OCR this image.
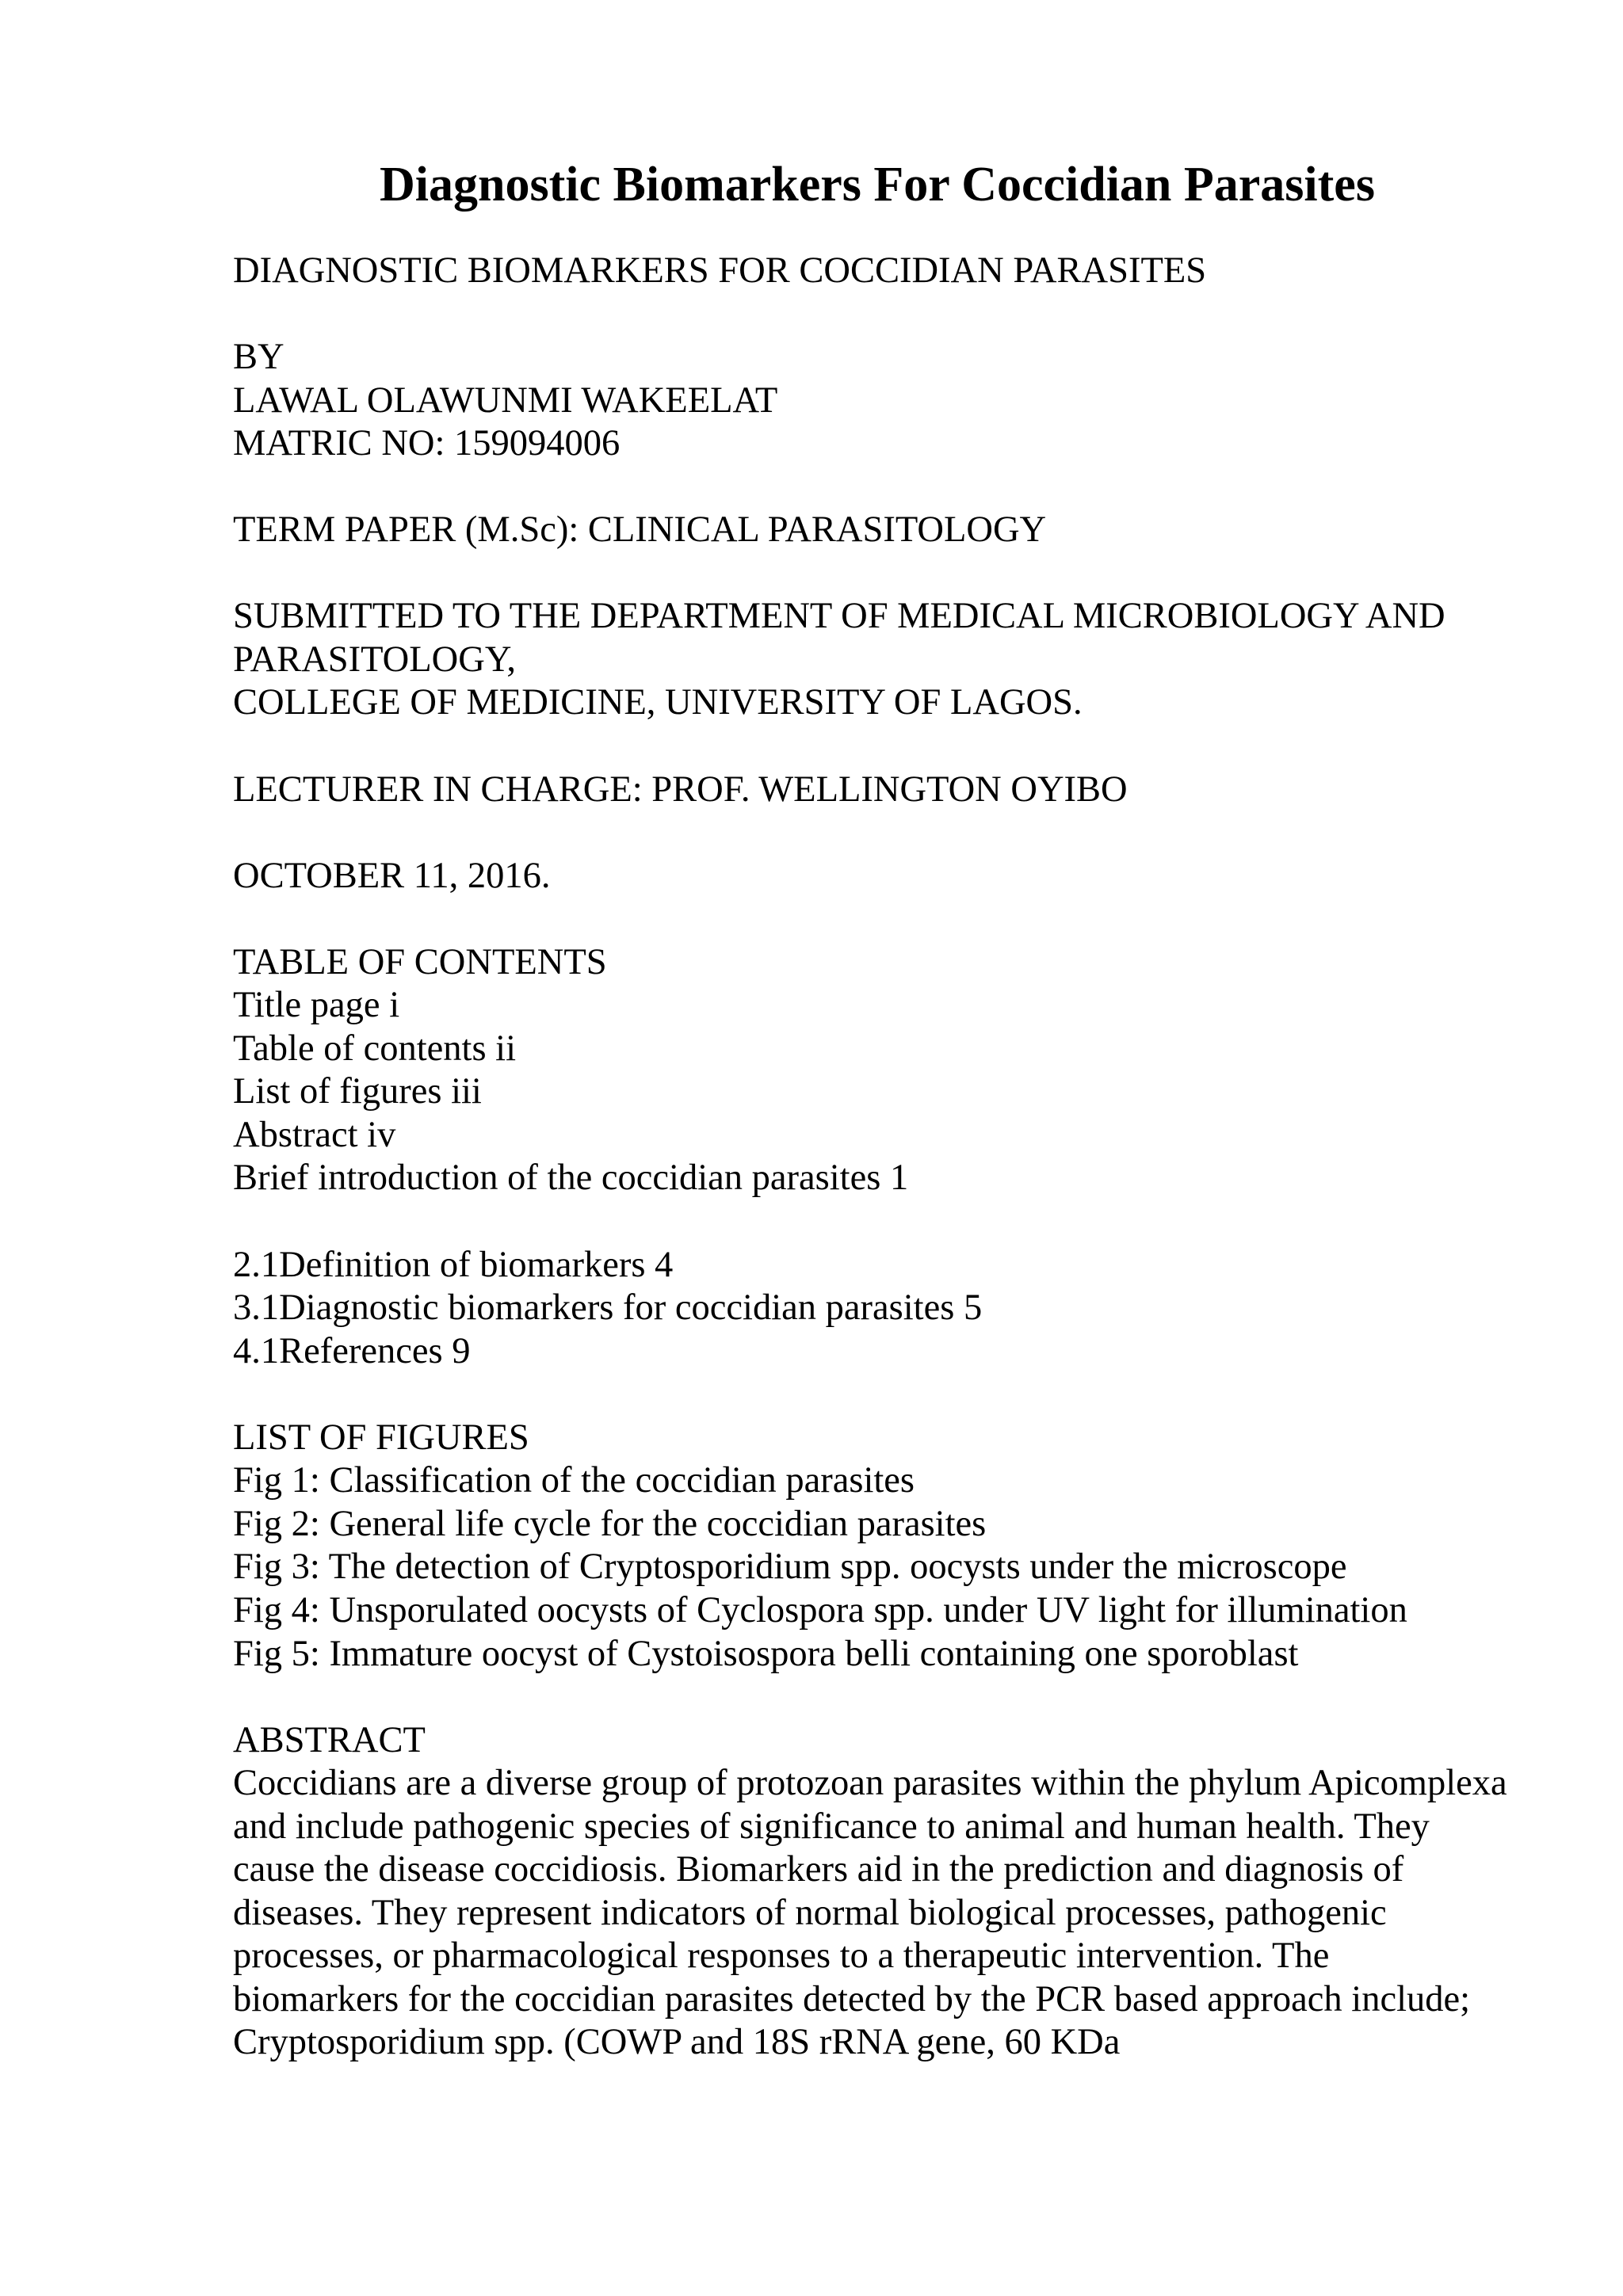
Diagnostic Biomarkers For Coccidian Parasites
DIAGNOSTIC BIOMARKERS FOR COCCIDIAN PARASITES
BY
LAWAL OLAWUNMI WAKEELAT
MATRIC NO: 159094006
TERM PAPER (M.Sc): CLINICAL PARASITOLOGY
SUBMITTED TO THE DEPARTMENT OF MEDICAL MICROBIOLOGY AND
PARASITOLOGY,
COLLEGE OF MEDICINE, UNIVERSITY OF LAGOS.
LECTURER IN CHARGE: PROF. WELLINGTON OYIBO
OCTOBER 11, 2016.
TABLE OF CONTENTS
Title page i
Table of contents ii
List of figures iii
Abstract iv
Brief introduction of the coccidian parasites 1
2.1Definition of biomarkers 4
3.1Diagnostic biomarkers for coccidian parasites 5
4.1References 9
LIST OF FIGURES
Fig 1: Classification of the coccidian parasites
Fig 2: General life cycle for the coccidian parasites
Fig 3: The detection of Cryptosporidium spp. oocysts under the microscope
Fig 4: Unsporulated oocysts of Cyclospora spp. under UV light for illumination
Fig 5: Immature oocyst of Cystoisospora belli containing one sporoblast
ABSTRACT
Coccidians are a diverse group of protozoan parasites within the phylum Apicomplexa
and include pathogenic species of significance to animal and human health. They
cause the disease coccidiosis. Biomarkers aid in the prediction and diagnosis of
diseases. They represent indicators of normal biological processes, pathogenic
processes, or pharmacological responses to a therapeutic intervention. The
biomarkers for the coccidian parasites detected by the PCR based approach include;
Cryptosporidium spp. (COWP and 18S rRNA gene, 60 KDa
